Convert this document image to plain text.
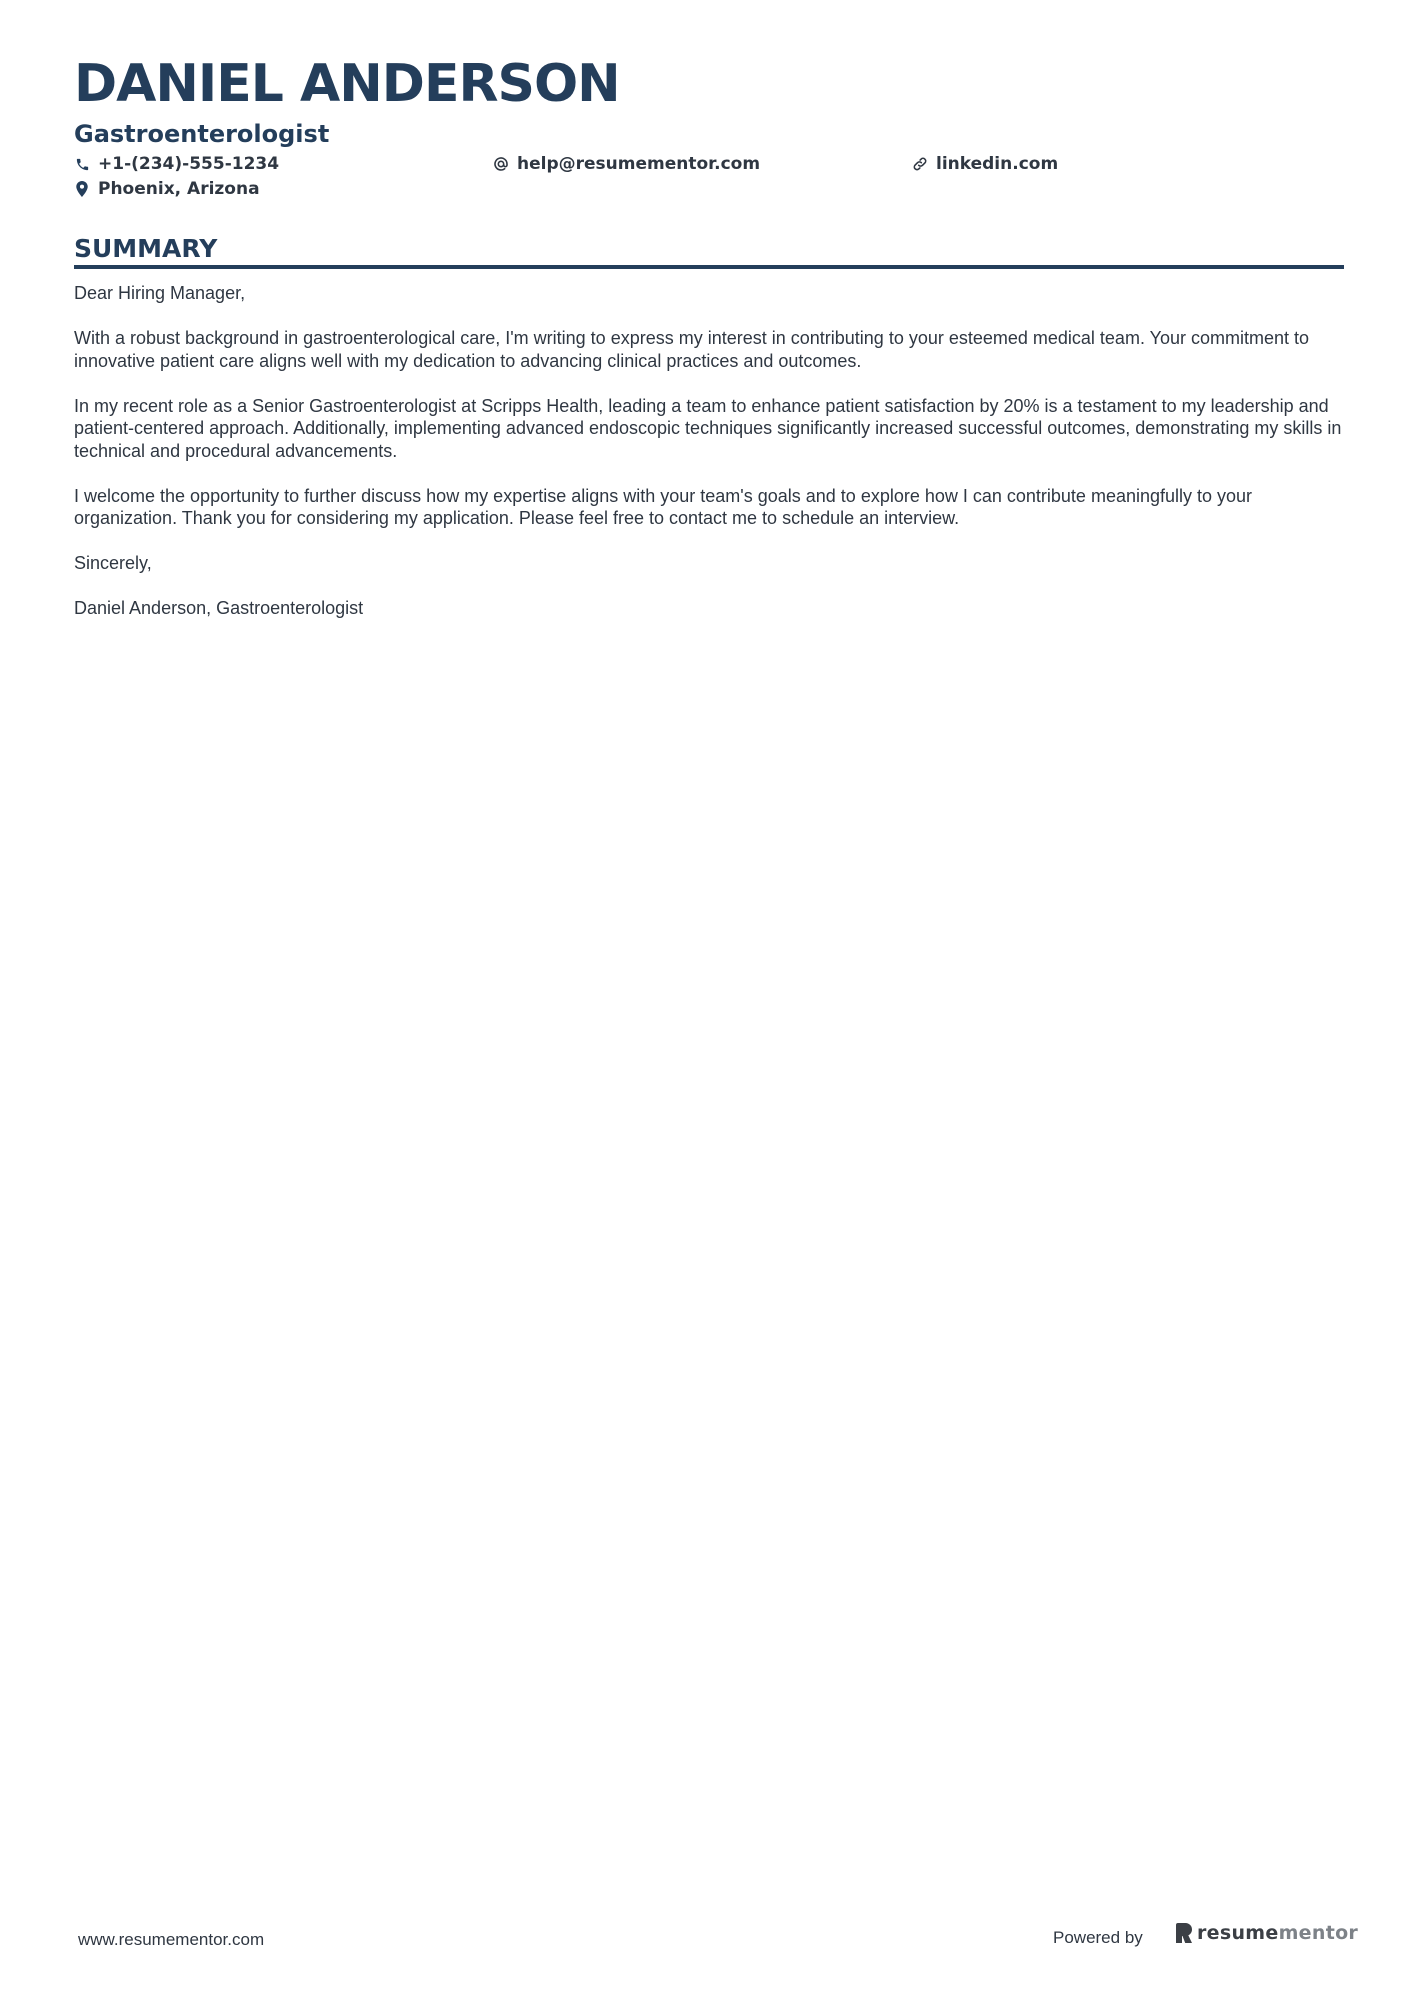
DANIEL ANDERSON
Gastroenterologist
+1-(234)-555-1234	help@resumementor.com	linkedin.com
Phoenix, Arizona
SUMMARY

Dear Hiring Manager,

With a robust background in gastroenterological care, I'm writing to express my interest in contributing to your esteemed medical team. Your commitment to innovative patient care aligns well with my dedication to advancing clinical practices and outcomes.

In my recent role as a Senior Gastroenterologist at Scripps Health, leading a team to enhance patient satisfaction by 20% is a testament to my leadership and patient-centered approach. Additionally, implementing advanced endoscopic techniques significantly increased successful outcomes, demonstrating my skills in technical and procedural advancements.

I welcome the opportunity to further discuss how my expertise aligns with your team's goals and to explore how I can contribute meaningfully to your organization. Thank you for considering my application. Please feel free to contact me to schedule an interview.

Sincerely,

Daniel Anderson, Gastroenterologist

www.resumementor.com	Powered by	resumementor
